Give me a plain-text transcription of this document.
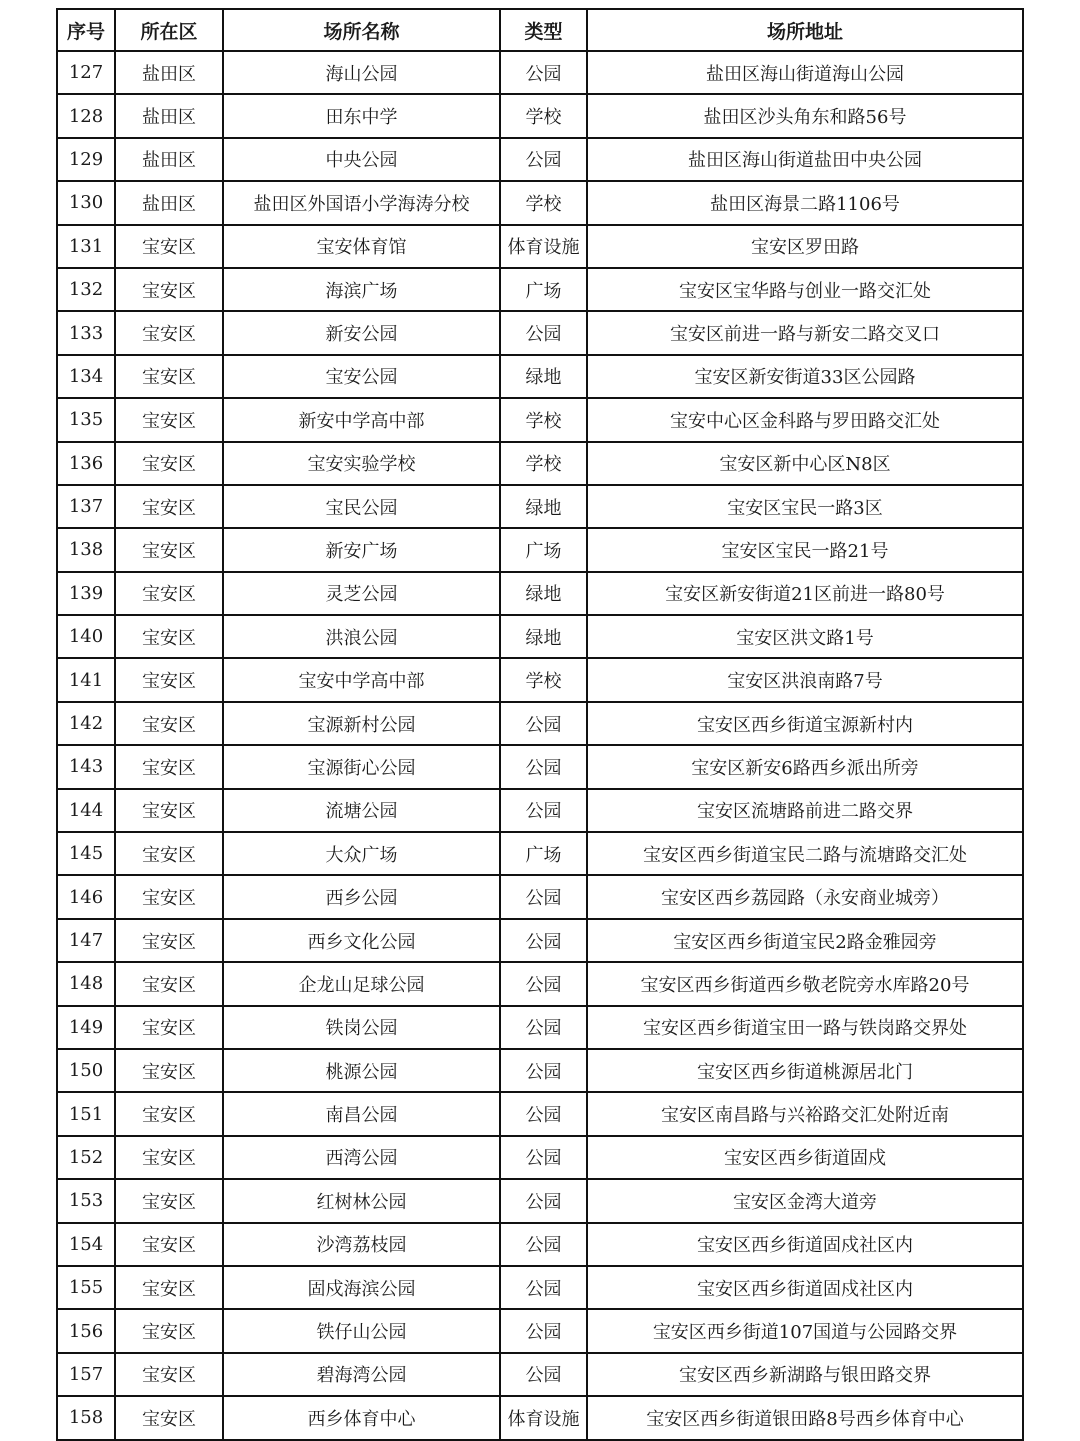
序号	所在区	场所名称	类型	场所地址
127	盐田区	海山公园	公园	盐田区海山街道海山公园
128	盐田区	田东中学	学校	盐田区沙头角东和路56号
129	盐田区	中央公园	公园	盐田区海山街道盐田中央公园
130	盐田区	盐田区外国语小学海涛分校	学校	盐田区海景二路1106号
131	宝安区	宝安体育馆	体育设施	宝安区罗田路
132	宝安区	海滨广场	广场	宝安区宝华路与创业一路交汇处
133	宝安区	新安公园	公园	宝安区前进一路与新安二路交叉口
134	宝安区	宝安公园	绿地	宝安区新安街道33区公园路
135	宝安区	新安中学高中部	学校	宝安中心区金科路与罗田路交汇处
136	宝安区	宝安实验学校	学校	宝安区新中心区N8区
137	宝安区	宝民公园	绿地	宝安区宝民一路3区
138	宝安区	新安广场	广场	宝安区宝民一路21号
139	宝安区	灵芝公园	绿地	宝安区新安街道21区前进一路80号
140	宝安区	洪浪公园	绿地	宝安区洪文路1号
141	宝安区	宝安中学高中部	学校	宝安区洪浪南路7号
142	宝安区	宝源新村公园	公园	宝安区西乡街道宝源新村内
143	宝安区	宝源街心公园	公园	宝安区新安6路西乡派出所旁
144	宝安区	流塘公园	公园	宝安区流塘路前进二路交界
145	宝安区	大众广场	广场	宝安区西乡街道宝民二路与流塘路交汇处
146	宝安区	西乡公园	公园	宝安区西乡荔园路（永安商业城旁）
147	宝安区	西乡文化公园	公园	宝安区西乡街道宝民2路金雅园旁
148	宝安区	企龙山足球公园	公园	宝安区西乡街道西乡敬老院旁水库路20号
149	宝安区	铁岗公园	公园	宝安区西乡街道宝田一路与铁岗路交界处
150	宝安区	桃源公园	公园	宝安区西乡街道桃源居北门
151	宝安区	南昌公园	公园	宝安区南昌路与兴裕路交汇处附近南
152	宝安区	西湾公园	公园	宝安区西乡街道固戍
153	宝安区	红树林公园	公园	宝安区金湾大道旁
154	宝安区	沙湾荔枝园	公园	宝安区西乡街道固戍社区内
155	宝安区	固戍海滨公园	公园	宝安区西乡街道固戍社区内
156	宝安区	铁仔山公园	公园	宝安区西乡街道107国道与公园路交界
157	宝安区	碧海湾公园	公园	宝安区西乡新湖路与银田路交界
158	宝安区	西乡体育中心	体育设施	宝安区西乡街道银田路8号西乡体育中心
